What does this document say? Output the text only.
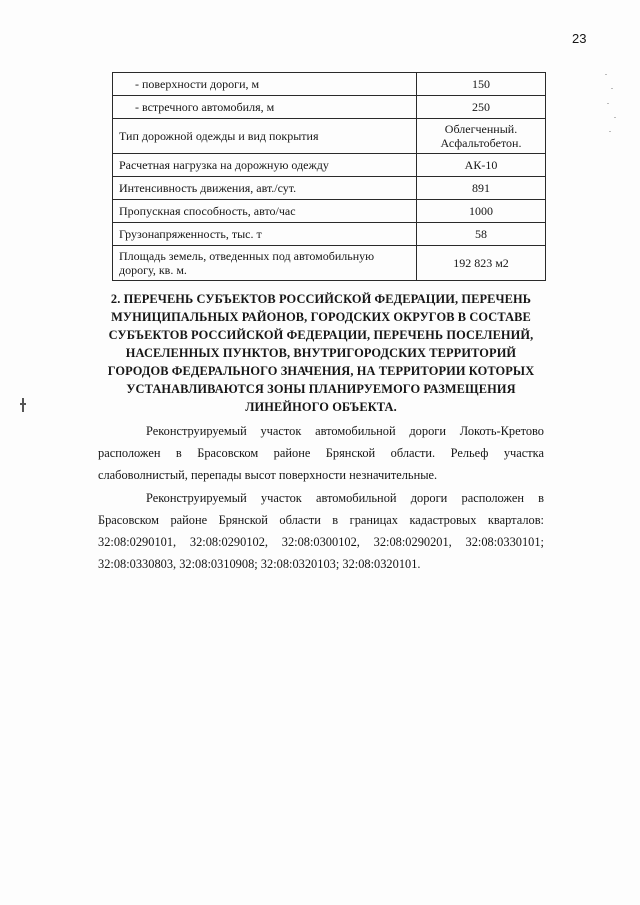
23
- поверхности дороги, м	150
- встречного автомобиля, м	250
Тип дорожной одежды и вид покрытия	Облегченный.
Асфальтобетон.
Расчетная нагрузка на дорожную одежду	АК-10
Интенсивность движения, авт./сут.	891
Пропускная способность, авто/час	1000
Грузонапряженность, тыс. т	58
Площадь земель, отведенных под автомобильную дорогу, кв. м.	192 823 м2
2. ПЕРЕЧЕНЬ СУБЪЕКТОВ РОССИЙСКОЙ ФЕДЕРАЦИИ, ПЕРЕЧЕНЬ МУНИЦИПАЛЬНЫХ РАЙОНОВ, ГОРОДСКИХ ОКРУГОВ В СОСТАВЕ СУБЪЕКТОВ РОССИЙСКОЙ ФЕДЕРАЦИИ, ПЕРЕЧЕНЬ ПОСЕЛЕНИЙ, НАСЕЛЕННЫХ ПУНКТОВ, ВНУТРИГОРОДСКИХ ТЕРРИТОРИЙ ГОРОДОВ ФЕДЕРАЛЬНОГО ЗНАЧЕНИЯ, НА ТЕРРИТОРИИ КОТОРЫХ УСТАНАВЛИВАЮТСЯ ЗОНЫ ПЛАНИРУЕМОГО РАЗМЕЩЕНИЯ ЛИНЕЙНОГО ОБЪЕКТА.

Реконструируемый участок автомобильной дороги Локоть-Кретово расположен в Брасовском районе Брянской области. Рельеф участка слабоволнистый, перепады высот поверхности незначительные.

Реконструируемый участок автомобильной дороги расположен в Брасовском районе Брянской области в границах кадастровых кварталов: 32:08:0290101, 32:08:0290102, 32:08:0300102, 32:08:0290201, 32:08:0330101; 32:08:0330803, 32:08:0310908; 32:08:0320103; 32:08:0320101.
